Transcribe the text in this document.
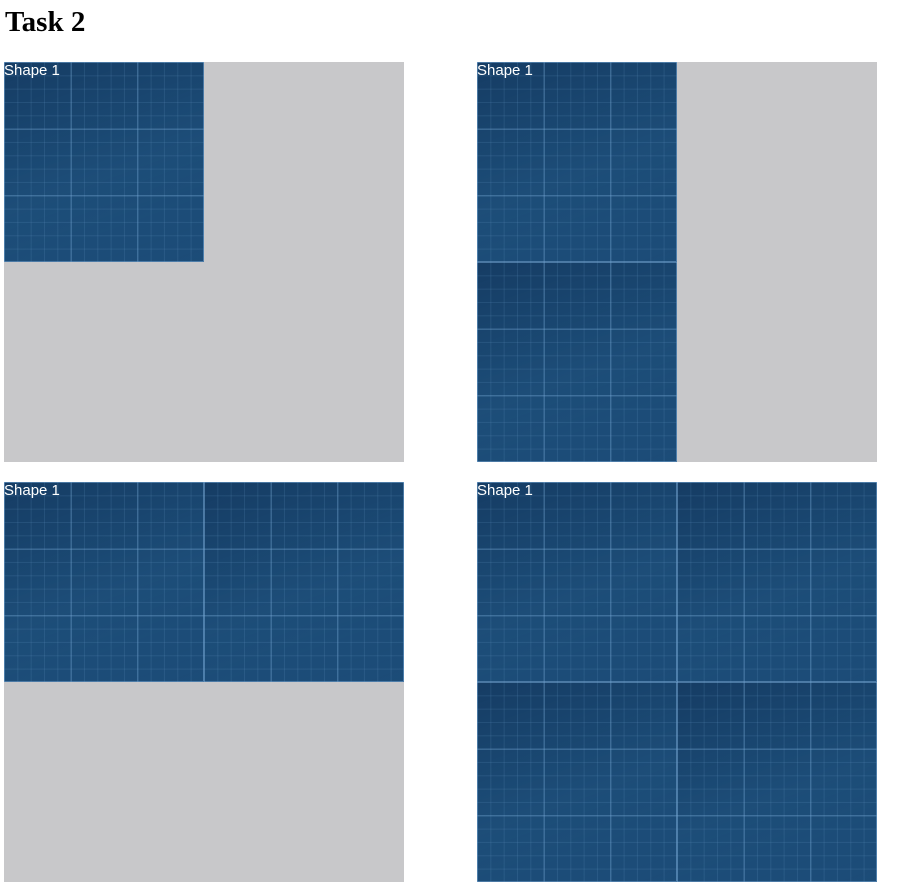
Task 2
Shape 1	Shape 1
Shape 1	Shape 1
